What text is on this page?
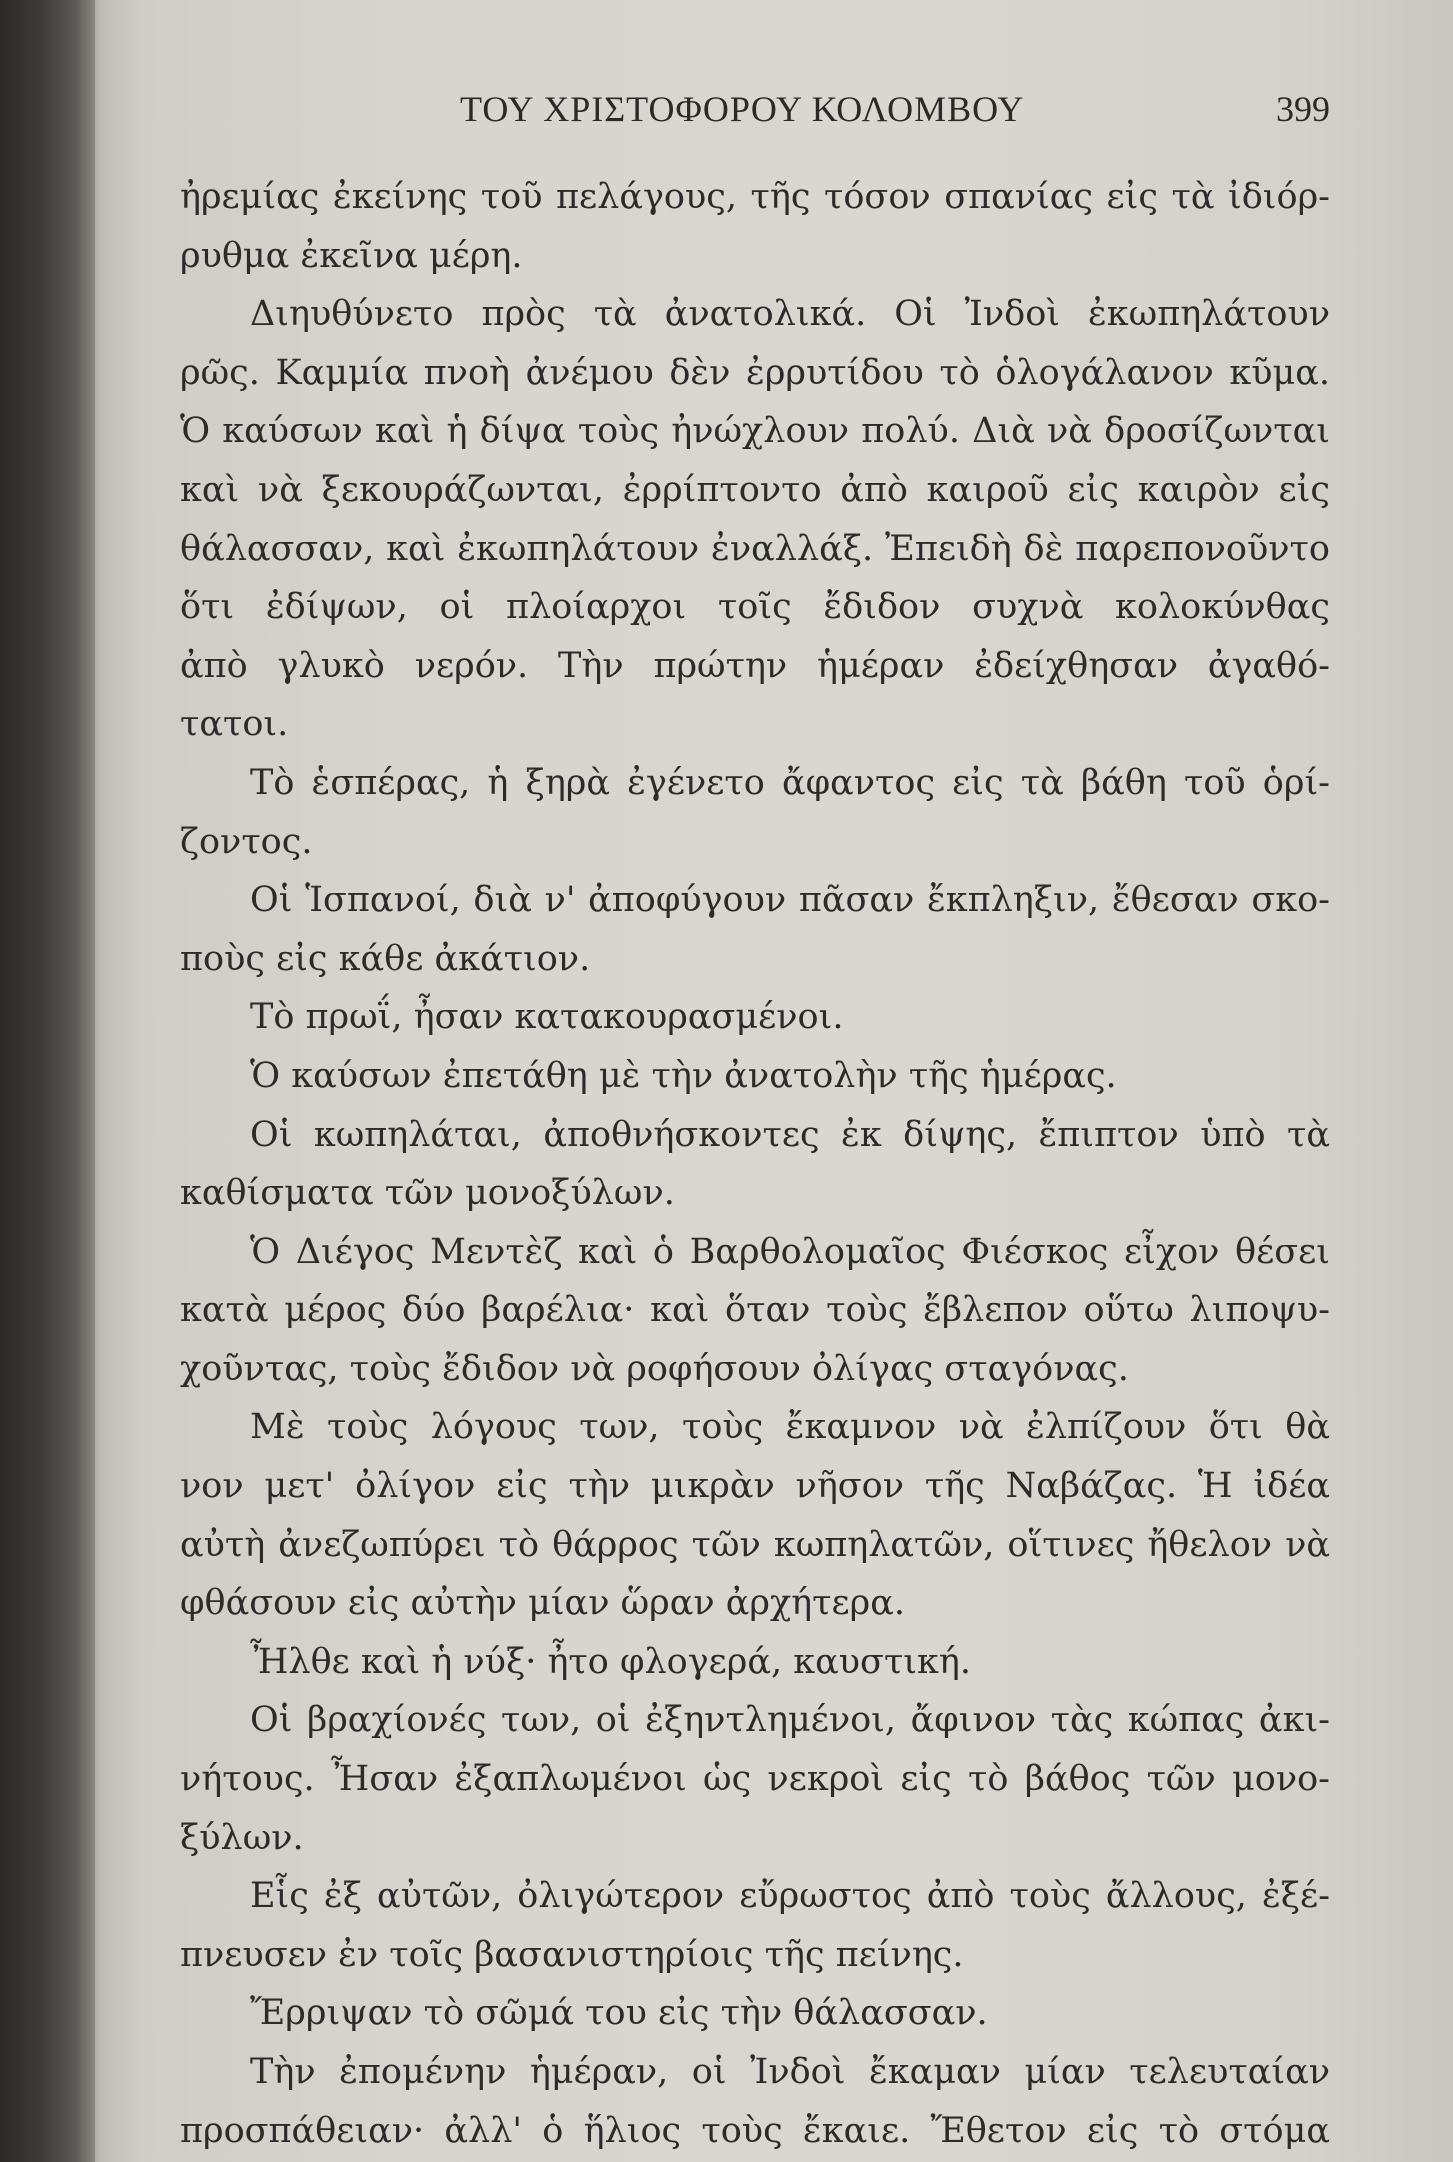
ΤΟΥ ΧΡΙΣΤΟΦΟΡΟΥ ΚΟΛΟΜΒΟΥ	399
ἠρεμίας ἐκείνης τοῦ πελάγους, τῆς τόσον σπανίας εἰς τὰ ἰδιόρ-
ρυθμα ἐκεῖνα μέρη.
Διηυθύνετο πρὸς τὰ ἀνατολικά. Οἱ Ἰνδοὶ ἐκωπηλάτουν
ρῶς. Καμμία πνοὴ ἀνέμου δὲν ἐρρυτίδου τὸ ὁλογάλανον κῦμα.
Ὁ καύσων καὶ ἡ δίψα τοὺς ἠνώχλουν πολύ. Διὰ νὰ δροσίζωνται
καὶ νὰ ξεκουράζωνται, ἐρρίπτοντο ἀπὸ καιροῦ εἰς καιρὸν εἰς
θάλασσαν, καὶ ἐκωπηλάτουν ἐναλλάξ. Ἐπειδὴ δὲ παρεπονοῦντο
ὅτι ἐδίψων, οἱ πλοίαρχοι τοῖς ἔδιδον συχνὰ κολοκύνθας
ἀπὸ γλυκὸ νερόν. Τὴν πρώτην ἡμέραν ἐδείχθησαν ἀγαθό-
τατοι.
Τὸ ἑσπέρας, ἡ ξηρὰ ἐγένετο ἄφαντος εἰς τὰ βάθη τοῦ ὁρί-
ζοντος.
Οἱ Ἱσπανοί, διὰ ν' ἀποφύγουν πᾶσαν ἔκπληξιν, ἔθεσαν σκο-
ποὺς εἰς κάθε ἀκάτιον.
Τὸ πρωΐ, ἦσαν κατακουρασμένοι.
Ὁ καύσων ἐπετάθη μὲ τὴν ἀνατολὴν τῆς ἡμέρας.
Οἱ κωπηλάται, ἀποθνήσκοντες ἐκ δίψης, ἔπιπτον ὑπὸ τὰ
καθίσματα τῶν μονοξύλων.
Ὁ Διέγος Μεντὲζ καὶ ὁ Βαρθολομαῖος Φιέσκος εἶχον θέσει
κατὰ μέρος δύο βαρέλια· καὶ ὅταν τοὺς ἔβλεπον οὕτω λιποψυ-
χοῦντας, τοὺς ἔδιδον νὰ ροφήσουν ὀλίγας σταγόνας.
Μὲ τοὺς λόγους των, τοὺς ἔκαμνον νὰ ἐλπίζουν ὅτι θὰ
νον μετ' ὀλίγον εἰς τὴν μικρὰν νῆσον τῆς Ναβάζας. Ἡ ἰδέα
αὐτὴ ἀνεζωπύρει τὸ θάρρος τῶν κωπηλατῶν, οἵτινες ἤθελον νὰ
φθάσουν εἰς αὐτὴν μίαν ὥραν ἀρχήτερα.
Ἦλθε καὶ ἡ νύξ· ἦτο φλογερά, καυστική.
Οἱ βραχίονές των, οἱ ἐξηντλημένοι, ἄφινον τὰς κώπας ἀκι-
νήτους. Ἦσαν ἐξαπλωμένοι ὡς νεκροὶ εἰς τὸ βάθος τῶν μονο-
ξύλων.
Εἷς ἐξ αὐτῶν, ὀλιγώτερον εὔρωστος ἀπὸ τοὺς ἄλλους, ἐξέ-
πνευσεν ἐν τοῖς βασανιστηρίοις τῆς πείνης.
Ἔρριψαν τὸ σῶμά του εἰς τὴν θάλασσαν.
Τὴν ἐπομένην ἡμέραν, οἱ Ἰνδοὶ ἔκαμαν μίαν τελευταίαν
προσπάθειαν· ἀλλ' ὁ ἥλιος τοὺς ἔκαιε. Ἔθετον εἰς τὸ στόμα
